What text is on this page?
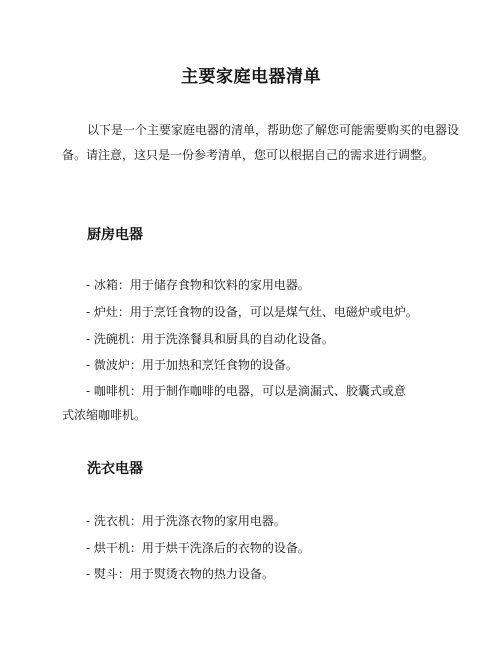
主要家庭电器清单
以下是一个主要家庭电器的清单，帮助您了解您可能需要购买的电器设备。请注意，这只是一份参考清单，您可以根据自己的需求进行调整。
厨房电器
- 冰箱：用于储存食物和饮料的家用电器。
- 炉灶：用于烹饪食物的设备，可以是煤气灶、电磁炉或电炉。
- 洗碗机：用于洗涤餐具和厨具的自动化设备。
- 微波炉：用于加热和烹饪食物的设备。
- 咖啡机：用于制作咖啡的电器，可以是滴漏式、胶囊式或意
式浓缩咖啡机。
洗衣电器
- 洗衣机：用于洗涤衣物的家用电器。
- 烘干机：用于烘干洗涤后的衣物的设备。
- 熨斗：用于熨烫衣物的热力设备。
